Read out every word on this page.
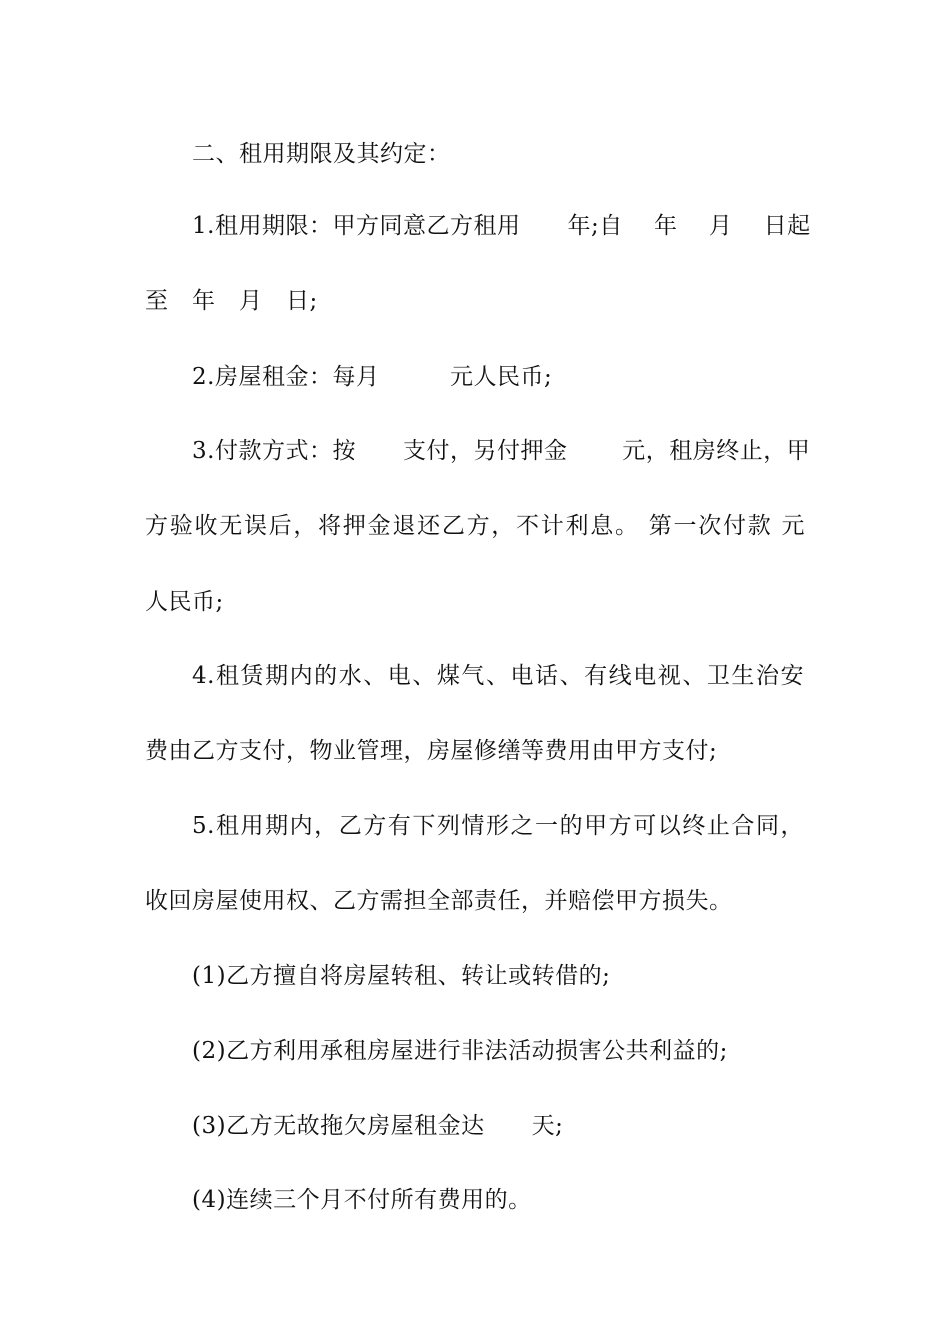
二、租用期限及其约定：
1.租用期限：甲方同意乙方租用　　年;自　 年　 月　 日起
至　年　月　日;
2.房屋租金：每月　　　元人民币;
3.付款方式：按　　支付，另付押金　　 元，租房终止，甲
方验收无误后，将押金退还乙方，不计利息。 第一次付款 元
人民币;
4.租赁期内的水、电、煤气、电话、有线电视、卫生治安
费由乙方支付，物业管理，房屋修缮等费用由甲方支付;
5.租用期内，乙方有下列情形之一的甲方可以终止合同，
收回房屋使用权、乙方需担全部责任，并赔偿甲方损失。
(1)乙方擅自将房屋转租、转让或转借的;
(2)乙方利用承租房屋进行非法活动损害公共利益的;
(3)乙方无故拖欠房屋租金达　　天;
(4)连续三个月不付所有费用的。
